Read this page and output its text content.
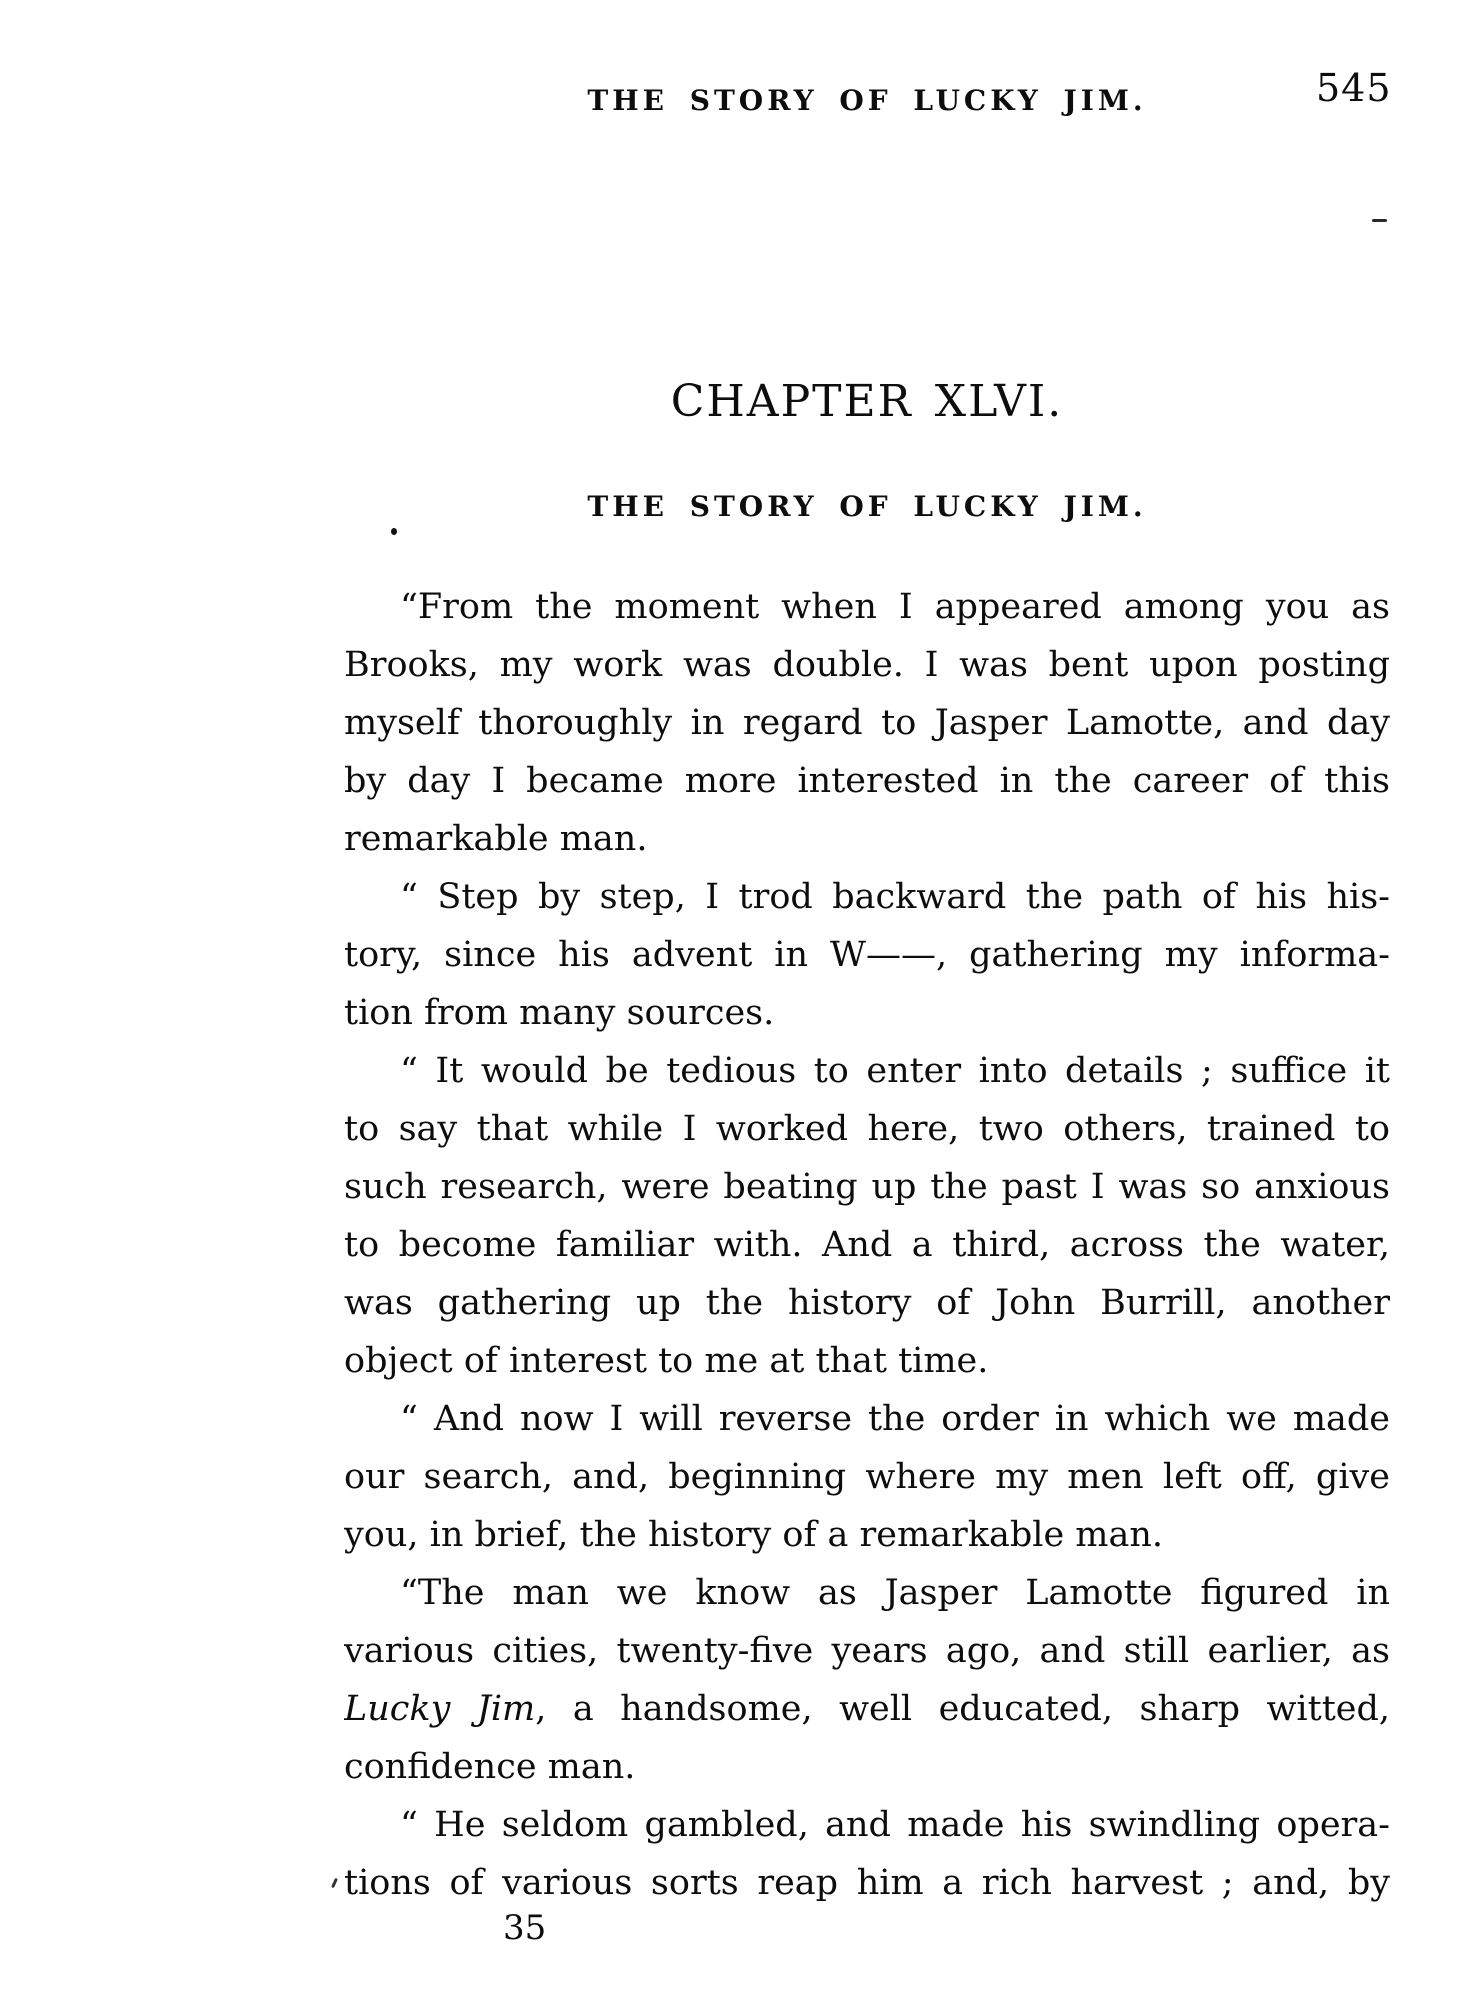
THE STORY OF LUCKY JIM.	545
CHAPTER XLVI.
THE STORY OF LUCKY JIM.
“From the moment when I appeared among you as
Brooks, my work was double. I was bent upon posting
myself thoroughly in regard to Jasper Lamotte, and day
by day I became more interested in the career of this
remarkable man.
“ Step by step, I trod backward the path of his his-
tory, since his advent in W——, gathering my informa-
tion from many sources.
“ It would be tedious to enter into details ; suffice it
to say that while I worked here, two others, trained to
such research, were beating up the past I was so anxious
to become familiar with. And a third, across the water,
was gathering up the history of John Burrill, another
object of interest to me at that time.
“ And now I will reverse the order in which we made
our search, and, beginning where my men left off, give
you, in brief, the history of a remarkable man.
“The man we know as Jasper Lamotte figured in
various cities, twenty-five years ago, and still earlier, as
Lucky Jim, a handsome, well educated, sharp witted,
confidence man.
“ He seldom gambled, and made his swindling opera-
tions of various sorts reap him a rich harvest ; and, by
35
